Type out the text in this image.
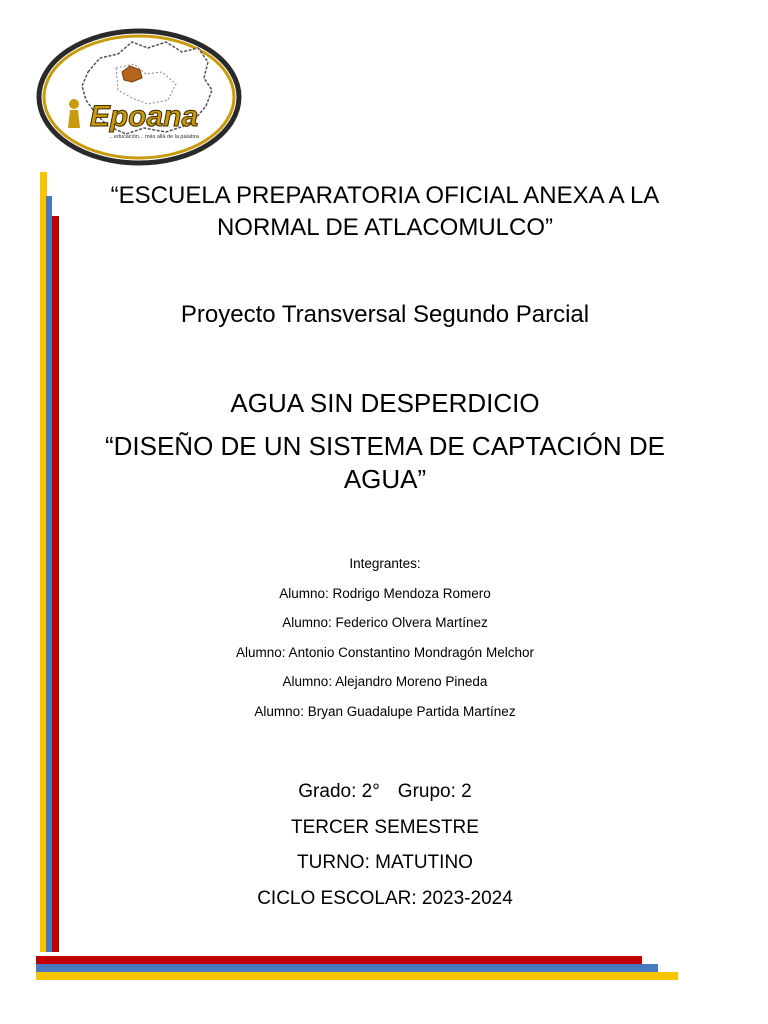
Epoana
...educación... más allá de la palabra
“ESCUELA PREPARATORIA OFICIAL ANEXA A LA
NORMAL DE ATLACOMULCO”
Proyecto Transversal Segundo Parcial
AGUA SIN DESPERDICIO
“DISEÑO DE UN SISTEMA DE CAPTACIÓN DE
AGUA”
Integrantes:
Alumno: Rodrigo Mendoza Romero
Alumno: Federico Olvera Martínez
Alumno: Antonio Constantino Mondragón Melchor
Alumno: Alejandro Moreno Pineda
Alumno: Bryan Guadalupe Partida Martínez
Grado: 2° Grupo: 2
TERCER SEMESTRE
TURNO: MATUTINO
CICLO ESCOLAR: 2023-2024
